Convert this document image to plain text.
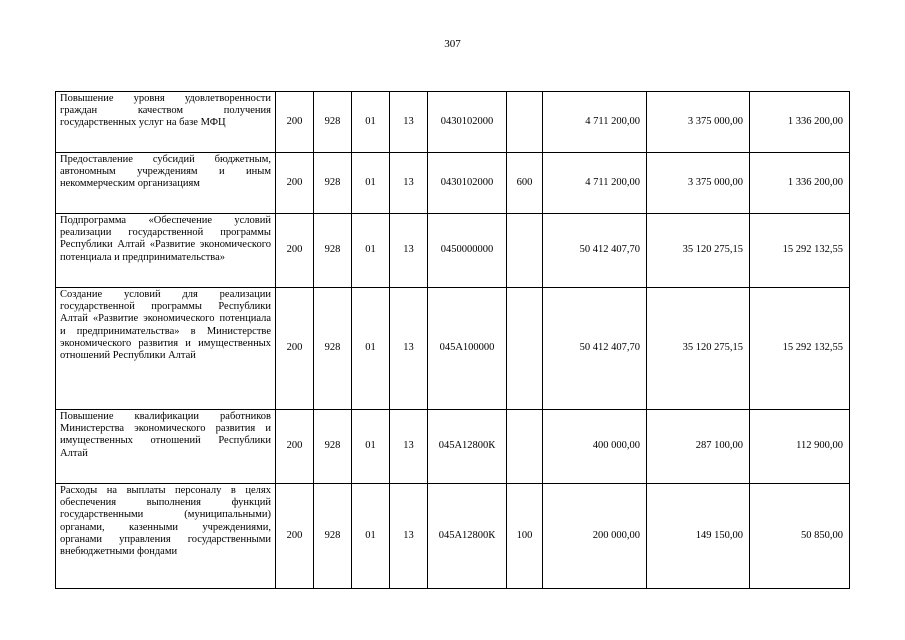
307
Повышение уровня удовлетворенности граждан качеством получения государственных услуг на базе МФЦ	200	928	01	13	0430102000		4 711 200,00	3 375 000,00	1 336 200,00
Предоставление субсидий бюджетным, автономным учреждениям и иным некоммерческим организациям	200	928	01	13	0430102000	600	4 711 200,00	3 375 000,00	1 336 200,00
Подпрограмма «Обеспечение условий реализации государственной программы Республики Алтай «Развитие экономического потенциала и предпринимательства»	200	928	01	13	0450000000		50 412 407,70	35 120 275,15	15 292 132,55
Создание условий для реализации государственной программы Республики Алтай «Развитие экономического потенциала и предпринимательства» в Министерстве экономического развития и имущественных отношений Республики Алтай	200	928	01	13	045А100000		50 412 407,70	35 120 275,15	15 292 132,55
Повышение квалификации работников Министерства экономического развития и имущественных отношений Республики Алтай	200	928	01	13	045А12800К		400 000,00	287 100,00	112 900,00
Расходы на выплаты персоналу в целях обеспечения выполнения функций государственными (муниципальными) органами, казенными учреждениями, органами управления государственными внебюджетными фондами	200	928	01	13	045А12800К	100	200 000,00	149 150,00	50 850,00
